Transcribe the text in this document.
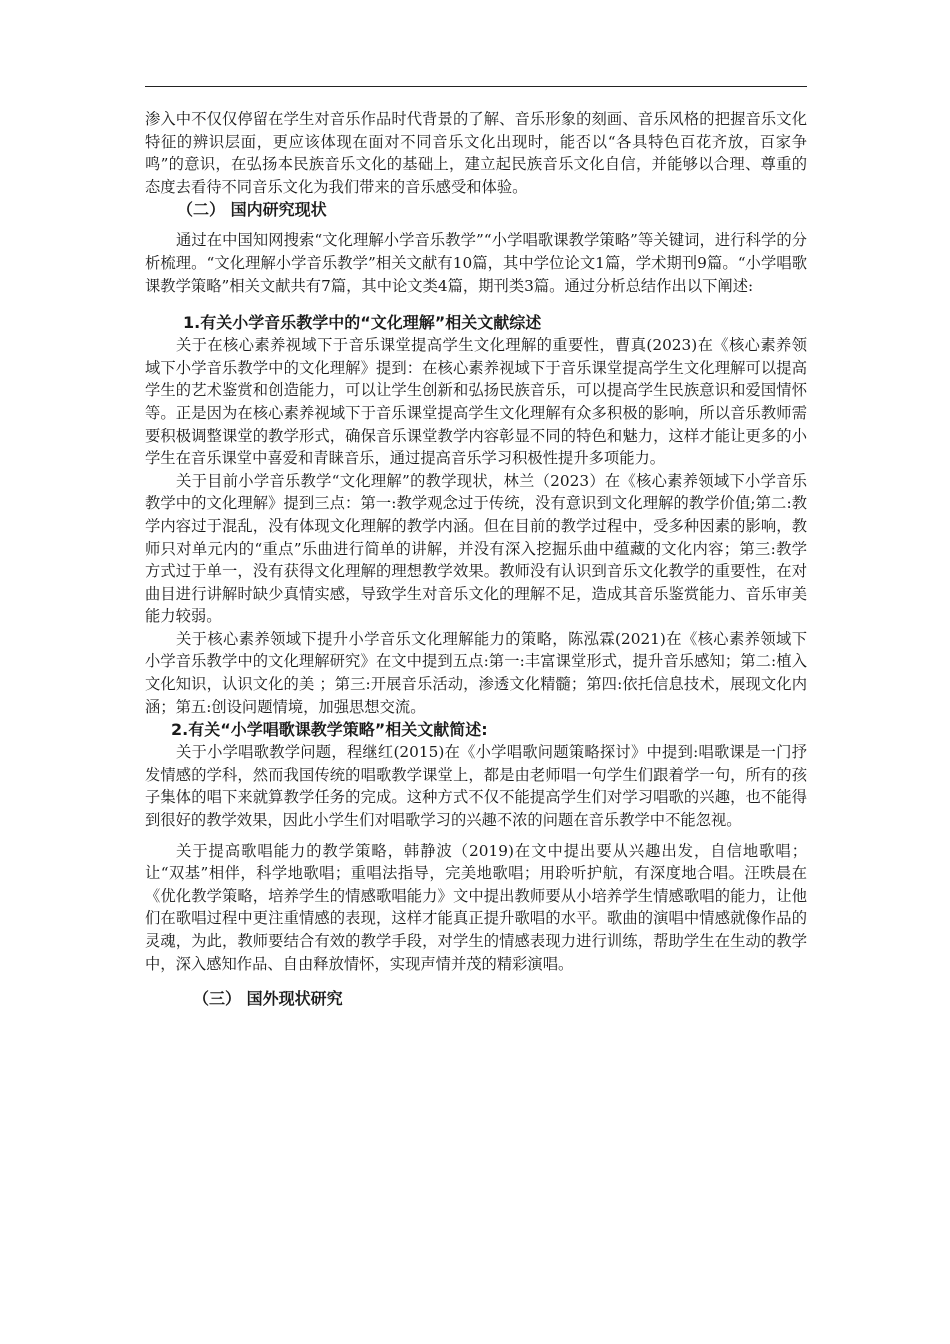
渗入中不仅仅停留在学生对音乐作品时代背景的了解、音乐形象的刻画、音乐风格的把握音乐文化特征的辨识层面，更应该体现在面对不同音乐文化出现时，能否以“各具特色百花齐放，百家争鸣”的意识，在弘扬本民族音乐文化的基础上，建立起民族音乐文化自信，并能够以合理、尊重的态度去看待不同音乐文化为我们带来的音乐感受和体验。

（二） 国内研究现状

通过在中国知网搜索“文化理解小学音乐教学”“小学唱歌课教学策略”等关键词，进行科学的分析梳理。“文化理解小学音乐教学”相关文献有10篇，其中学位论文1篇，学术期刊9篇。“小学唱歌课教学策略”相关文献共有7篇，其中论文类4篇，期刊类3篇。通过分析总结作出以下阐述:

1.有关小学音乐教学中的“文化理解”相关文献综述

关于在核心素养视域下于音乐课堂提高学生文化理解的重要性，曹真(2023)在《核心素养领域下小学音乐教学中的文化理解》提到：在核心素养视域下于音乐课堂提高学生文化理解可以提高学生的艺术鉴赏和创造能力，可以让学生创新和弘扬民族音乐，可以提高学生民族意识和爱国情怀等。正是因为在核心素养视域下于音乐课堂提高学生文化理解有众多积极的影响，所以音乐教师需要积极调整课堂的教学形式，确保音乐课堂教学内容彰显不同的特色和魅力，这样才能让更多的小学生在音乐课堂中喜爱和青睐音乐，通过提高音乐学习积极性提升多项能力。

关于目前小学音乐教学“文化理解”的教学现状，林兰（2023）在《核心素养领域下小学音乐教学中的文化理解》提到三点：第一:教学观念过于传统，没有意识到文化理解的教学价值;第二:教学内容过于混乱，没有体现文化理解的教学内涵。但在目前的教学过程中，受多种因素的影响，教师只对单元内的“重点”乐曲进行简单的讲解，并没有深入挖掘乐曲中蕴藏的文化内容；第三:教学方式过于单一，没有获得文化理解的理想教学效果。教师没有认识到音乐文化教学的重要性，在对曲目进行讲解时缺少真情实感，导致学生对音乐文化的理解不足，造成其音乐鉴赏能力、音乐审美能力较弱。

关于核心素养领域下提升小学音乐文化理解能力的策略，陈泓霖(2021)在《核心素养领域下小学音乐教学中的文化理解研究》在文中提到五点:第一:丰富课堂形式，提升音乐感知；第二:植入文化知识，认识文化的美 ；第三:开展音乐活动，渗透文化精髓；第四:依托信息技术，展现文化内涵；第五:创设问题情境，加强思想交流。

2.有关“小学唱歌课教学策略”相关文献简述:

关于小学唱歌教学问题，程继红(2015)在《小学唱歌问题策略探讨》中提到:唱歌课是一门抒发情感的学科，然而我国传统的唱歌教学课堂上，都是由老师唱一句学生们跟着学一句，所有的孩子集体的唱下来就算教学任务的完成。这种方式不仅不能提高学生们对学习唱歌的兴趣，也不能得到很好的教学效果，因此小学生们对唱歌学习的兴趣不浓的问题在音乐教学中不能忽视。

关于提高歌唱能力的教学策略，韩静波（2019)在文中提出要从兴趣出发，自信地歌唱；让“双基”相伴，科学地歌唱；重唱法指导，完美地歌唱；用聆听护航，有深度地合唱。汪昳晨在《优化教学策略，培养学生的情感歌唱能力》文中提出教师要从小培养学生情感歌唱的能力，让他们在歌唱过程中更注重情感的表现，这样才能真正提升歌唱的水平。歌曲的演唱中情感就像作品的灵魂，为此，教师要结合有效的教学手段，对学生的情感表现力进行训练，帮助学生在生动的教学中，深入感知作品、自由释放情怀，实现声情并茂的精彩演唱。

（三） 国外现状研究
